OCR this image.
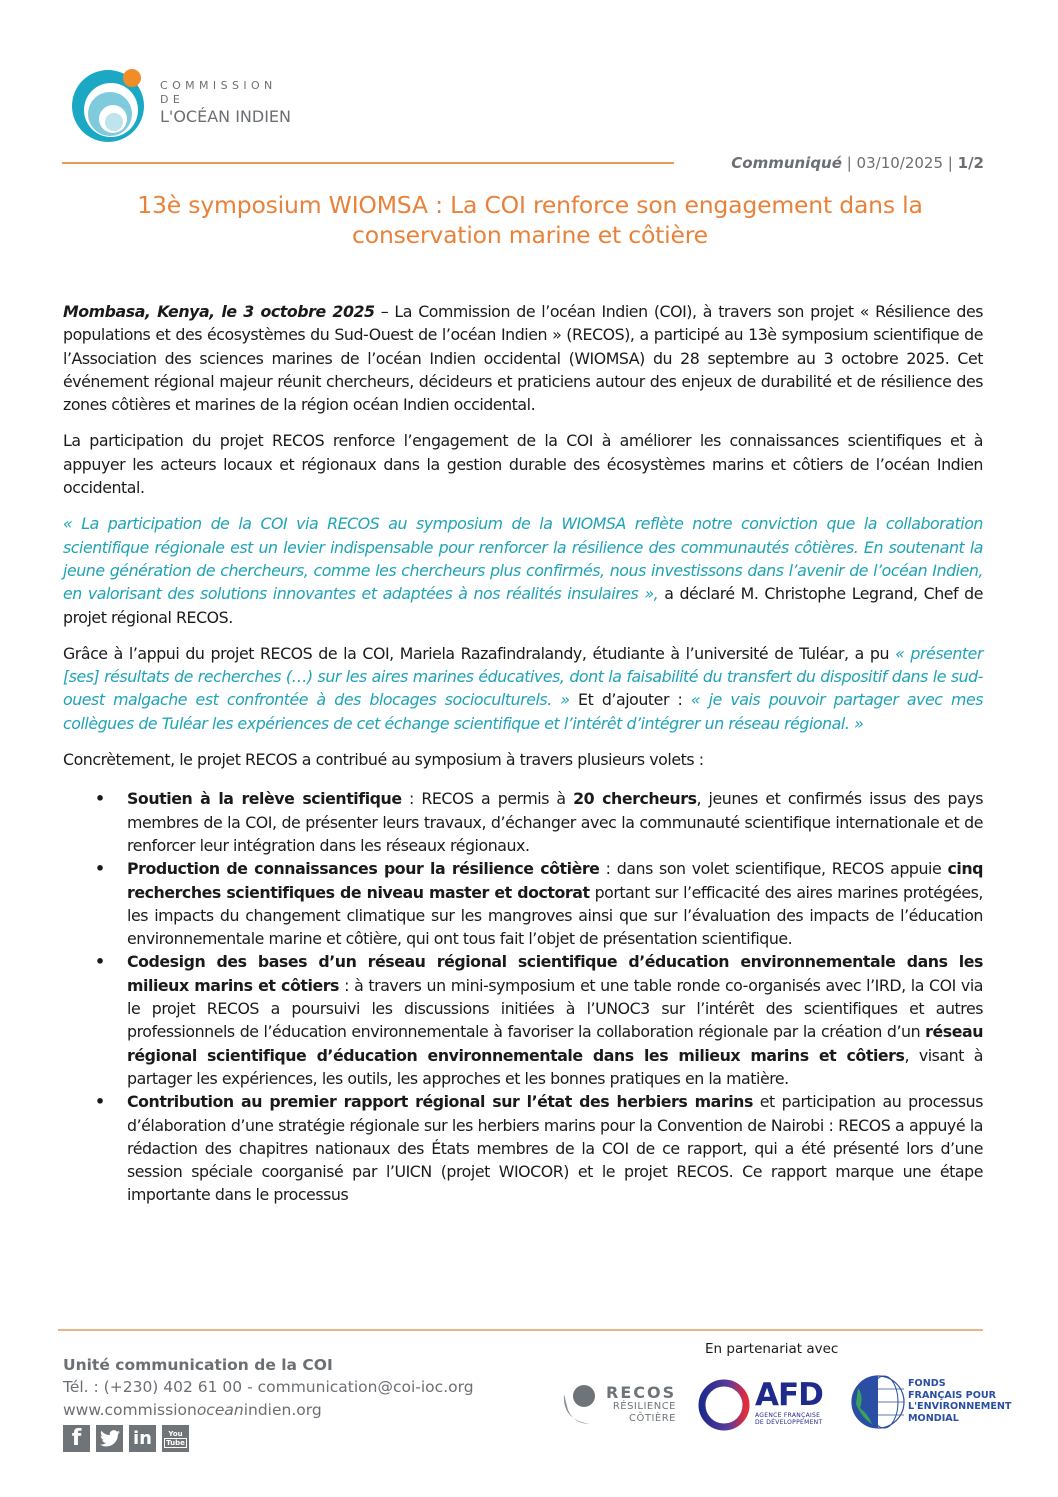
COMMISSION DE
L'OCÉAN INDIEN
Communiqué | 03/10/2025 | 1/2
13è symposium WIOMSA : La COI renforce son engagement dans la
conservation marine et côtière

Mombasa, Kenya, le 3 octobre 2025 – La Commission de l’océan Indien (COI), à travers son projet « Résilience des populations et des écosystèmes du Sud-Ouest de l’océan Indien » (RECOS), a participé au 13è symposium scientifique de l’Association des sciences marines de l’océan Indien occidental (WIOMSA) du 28 septembre au 3 octobre 2025. Cet événement régional majeur réunit chercheurs, décideurs et praticiens autour des enjeux de durabilité et de résilience des zones côtières et marines de la région océan Indien occidental.

La participation du projet RECOS renforce l’engagement de la COI à améliorer les connaissances scientifiques et à appuyer les acteurs locaux et régionaux dans la gestion durable des écosystèmes marins et côtiers de l’océan Indien occidental.

« La participation de la COI via RECOS au symposium de la WIOMSA reflète notre conviction que la collaboration scientifique régionale est un levier indispensable pour renforcer la résilience des communautés côtières. En soutenant la jeune génération de chercheurs, comme les chercheurs plus confirmés, nous investissons dans l’avenir de l’océan Indien, en valorisant des solutions innovantes et adaptées à nos réalités insulaires », a déclaré M. Christophe Legrand, Chef de projet régional RECOS.

Grâce à l’appui du projet RECOS de la COI, Mariela Razafindralandy, étudiante à l’université de Tuléar, a pu « présenter [ses] résultats de recherches (…) sur les aires marines éducatives, dont la faisabilité du transfert du dispositif dans le sud-ouest malgache est confrontée à des blocages socioculturels. » Et d’ajouter : « je vais pouvoir partager avec mes collègues de Tuléar les expériences de cet échange scientifique et l’intérêt d’intégrer un réseau régional. »

Concrètement, le projet RECOS a contribué au symposium à travers plusieurs volets :

• Soutien à la relève scientifique : RECOS a permis à 20 chercheurs, jeunes et confirmés issus des pays membres de la COI, de présenter leurs travaux, d’échanger avec la communauté scientifique internationale et de renforcer leur intégration dans les réseaux régionaux.
• Production de connaissances pour la résilience côtière : dans son volet scientifique, RECOS appuie cinq recherches scientifiques de niveau master et doctorat portant sur l’efficacité des aires marines protégées, les impacts du changement climatique sur les mangroves ainsi que sur l’évaluation des impacts de l’éducation environnementale marine et côtière, qui ont tous fait l’objet de présentation scientifique.
• Codesign des bases d’un réseau régional scientifique d’éducation environnementale dans les milieux marins et côtiers : à travers un mini-symposium et une table ronde co-organisés avec l’IRD, la COI via le projet RECOS a poursuivi les discussions initiées à l’UNOC3 sur l’intérêt des scientifiques et autres professionnels de l’éducation environnementale à favoriser la collaboration régionale par la création d’un réseau régional scientifique d’éducation environnementale dans les milieux marins et côtiers, visant à partager les expériences, les outils, les approches et les bonnes pratiques en la matière.
• Contribution au premier rapport régional sur l’état des herbiers marins et participation au processus d’élaboration d’une stratégie régionale sur les herbiers marins pour la Convention de Nairobi : RECOS a appuyé la rédaction des chapitres nationaux des États membres de la COI de ce rapport, qui a été présenté lors d’une session spéciale coorganisé par l’UICN (projet WIOCOR) et le projet RECOS. Ce rapport marque une étape importante dans le processus
Unité communication de la COI
Tél. : (+230) 402 61 00 - communication@coi-ioc.org
www.commissionoceanindien.org
f	in	You
Tube
En partenariat avec
RECOS
RÉSILIENCE
CÔTIÈRE
AFD
AGENCE FRANÇAISE
DE DÉVELOPPEMENT
F
F
E
M
FONDS
FRANÇAIS POUR
L'ENVIRONNEMENT
MONDIAL
